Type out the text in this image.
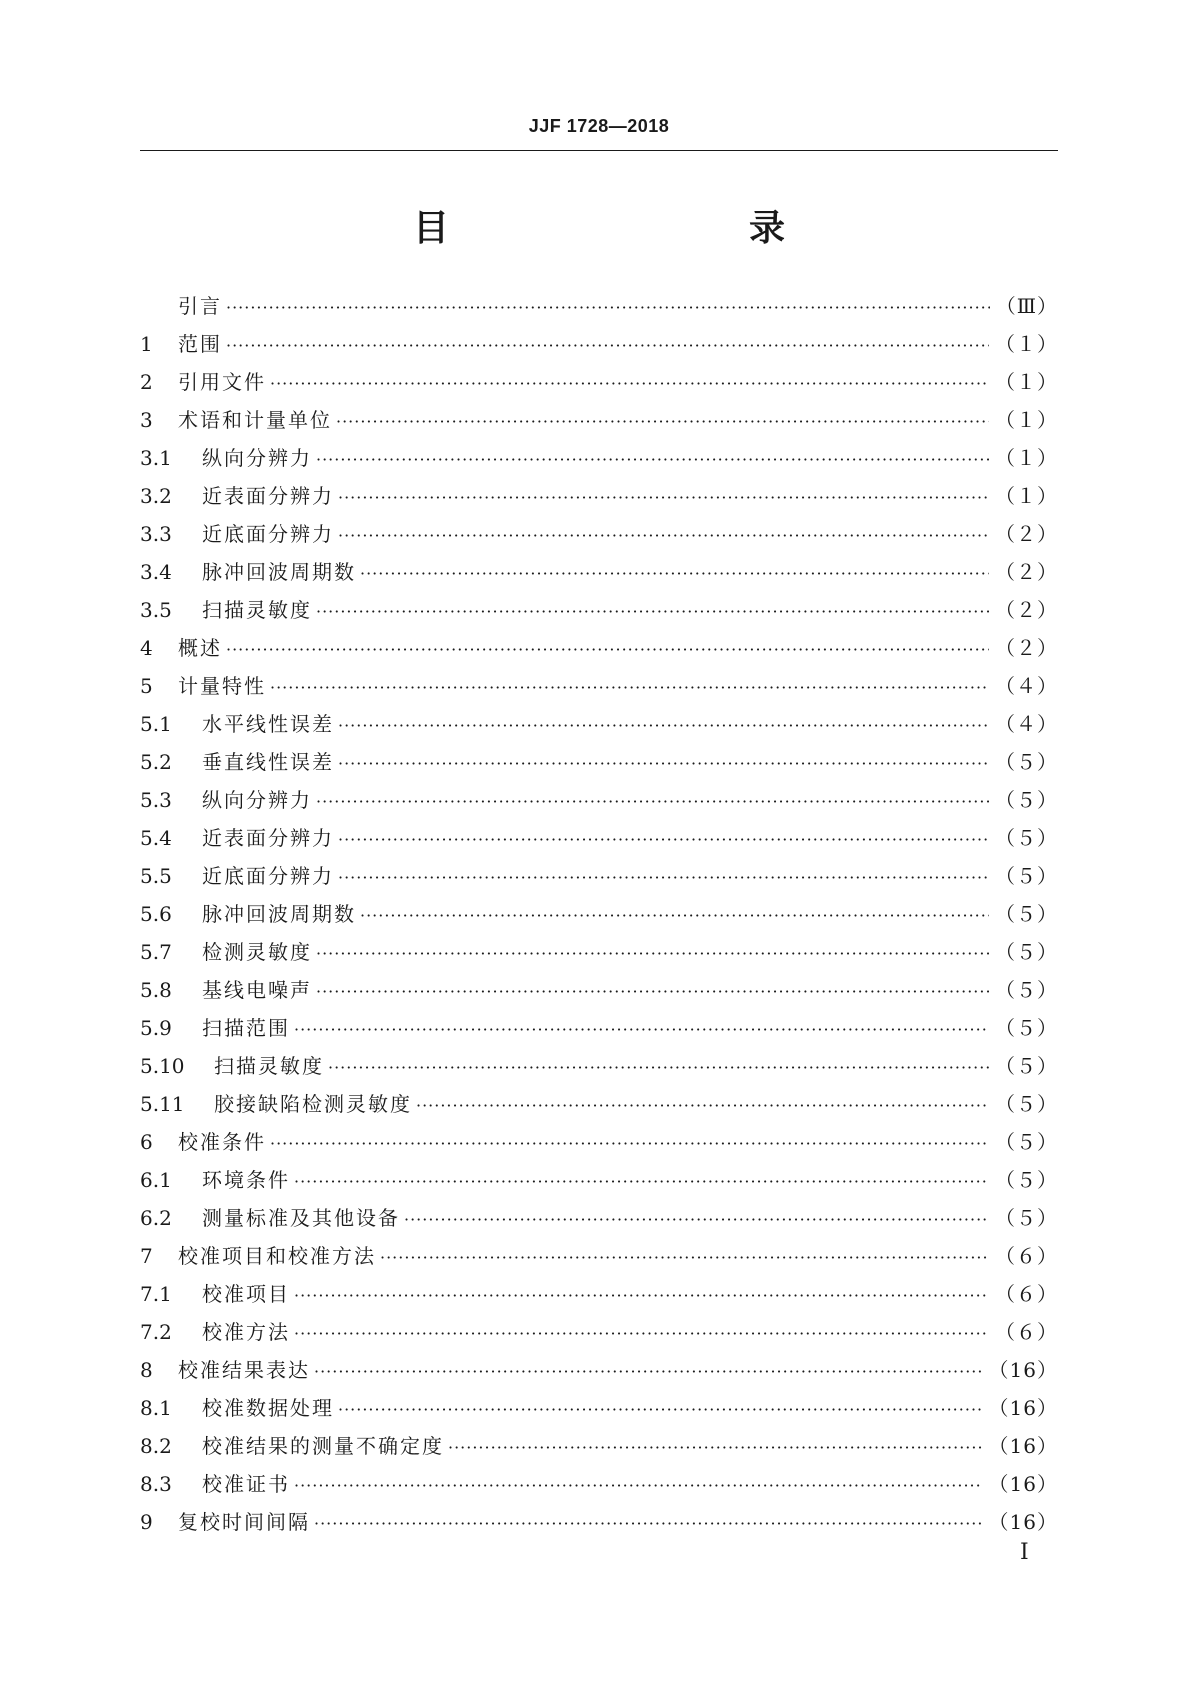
JJF 1728—2018
目　　录
引言 ·····	（Ⅲ）
1	范围 ·····	（１）
2	引用文件 ·····	（１）
3	术语和计量单位 ·····	（１）
3.1	纵向分辨力 ·····	（１）
3.2	近表面分辨力 ·····	（１）
3.3	近底面分辨力 ·····	（２）
3.4	脉冲回波周期数 ·····	（２）
3.5	扫描灵敏度 ·····	（２）
4	概述 ·····	（２）
5	计量特性 ·····	（４）
5.1	水平线性误差 ·····	（４）
5.2	垂直线性误差 ·····	（５）
5.3	纵向分辨力 ·····	（５）
5.4	近表面分辨力 ·····	（５）
5.5	近底面分辨力 ·····	（５）
5.6	脉冲回波周期数 ·····	（５）
5.7	检测灵敏度 ·····	（５）
5.8	基线电噪声 ·····	（５）
5.9	扫描范围 ·····	（５）
5.10	扫描灵敏度 ·····	（５）
5.11	胶接缺陷检测灵敏度 ·····	（５）
6	校准条件 ·····	（５）
6.1	环境条件 ·····	（５）
6.2	测量标准及其他设备 ·····	（５）
7	校准项目和校准方法 ·····	（６）
7.1	校准项目 ·····	（６）
7.2	校准方法 ·····	（６）
8	校准结果表达 ·····	（16）
8.1	校准数据处理 ·····	（16）
8.2	校准结果的测量不确定度 ·····	（16）
8.3	校准证书 ·····	（16）
9	复校时间间隔 ·····	（16）
Ⅰ
